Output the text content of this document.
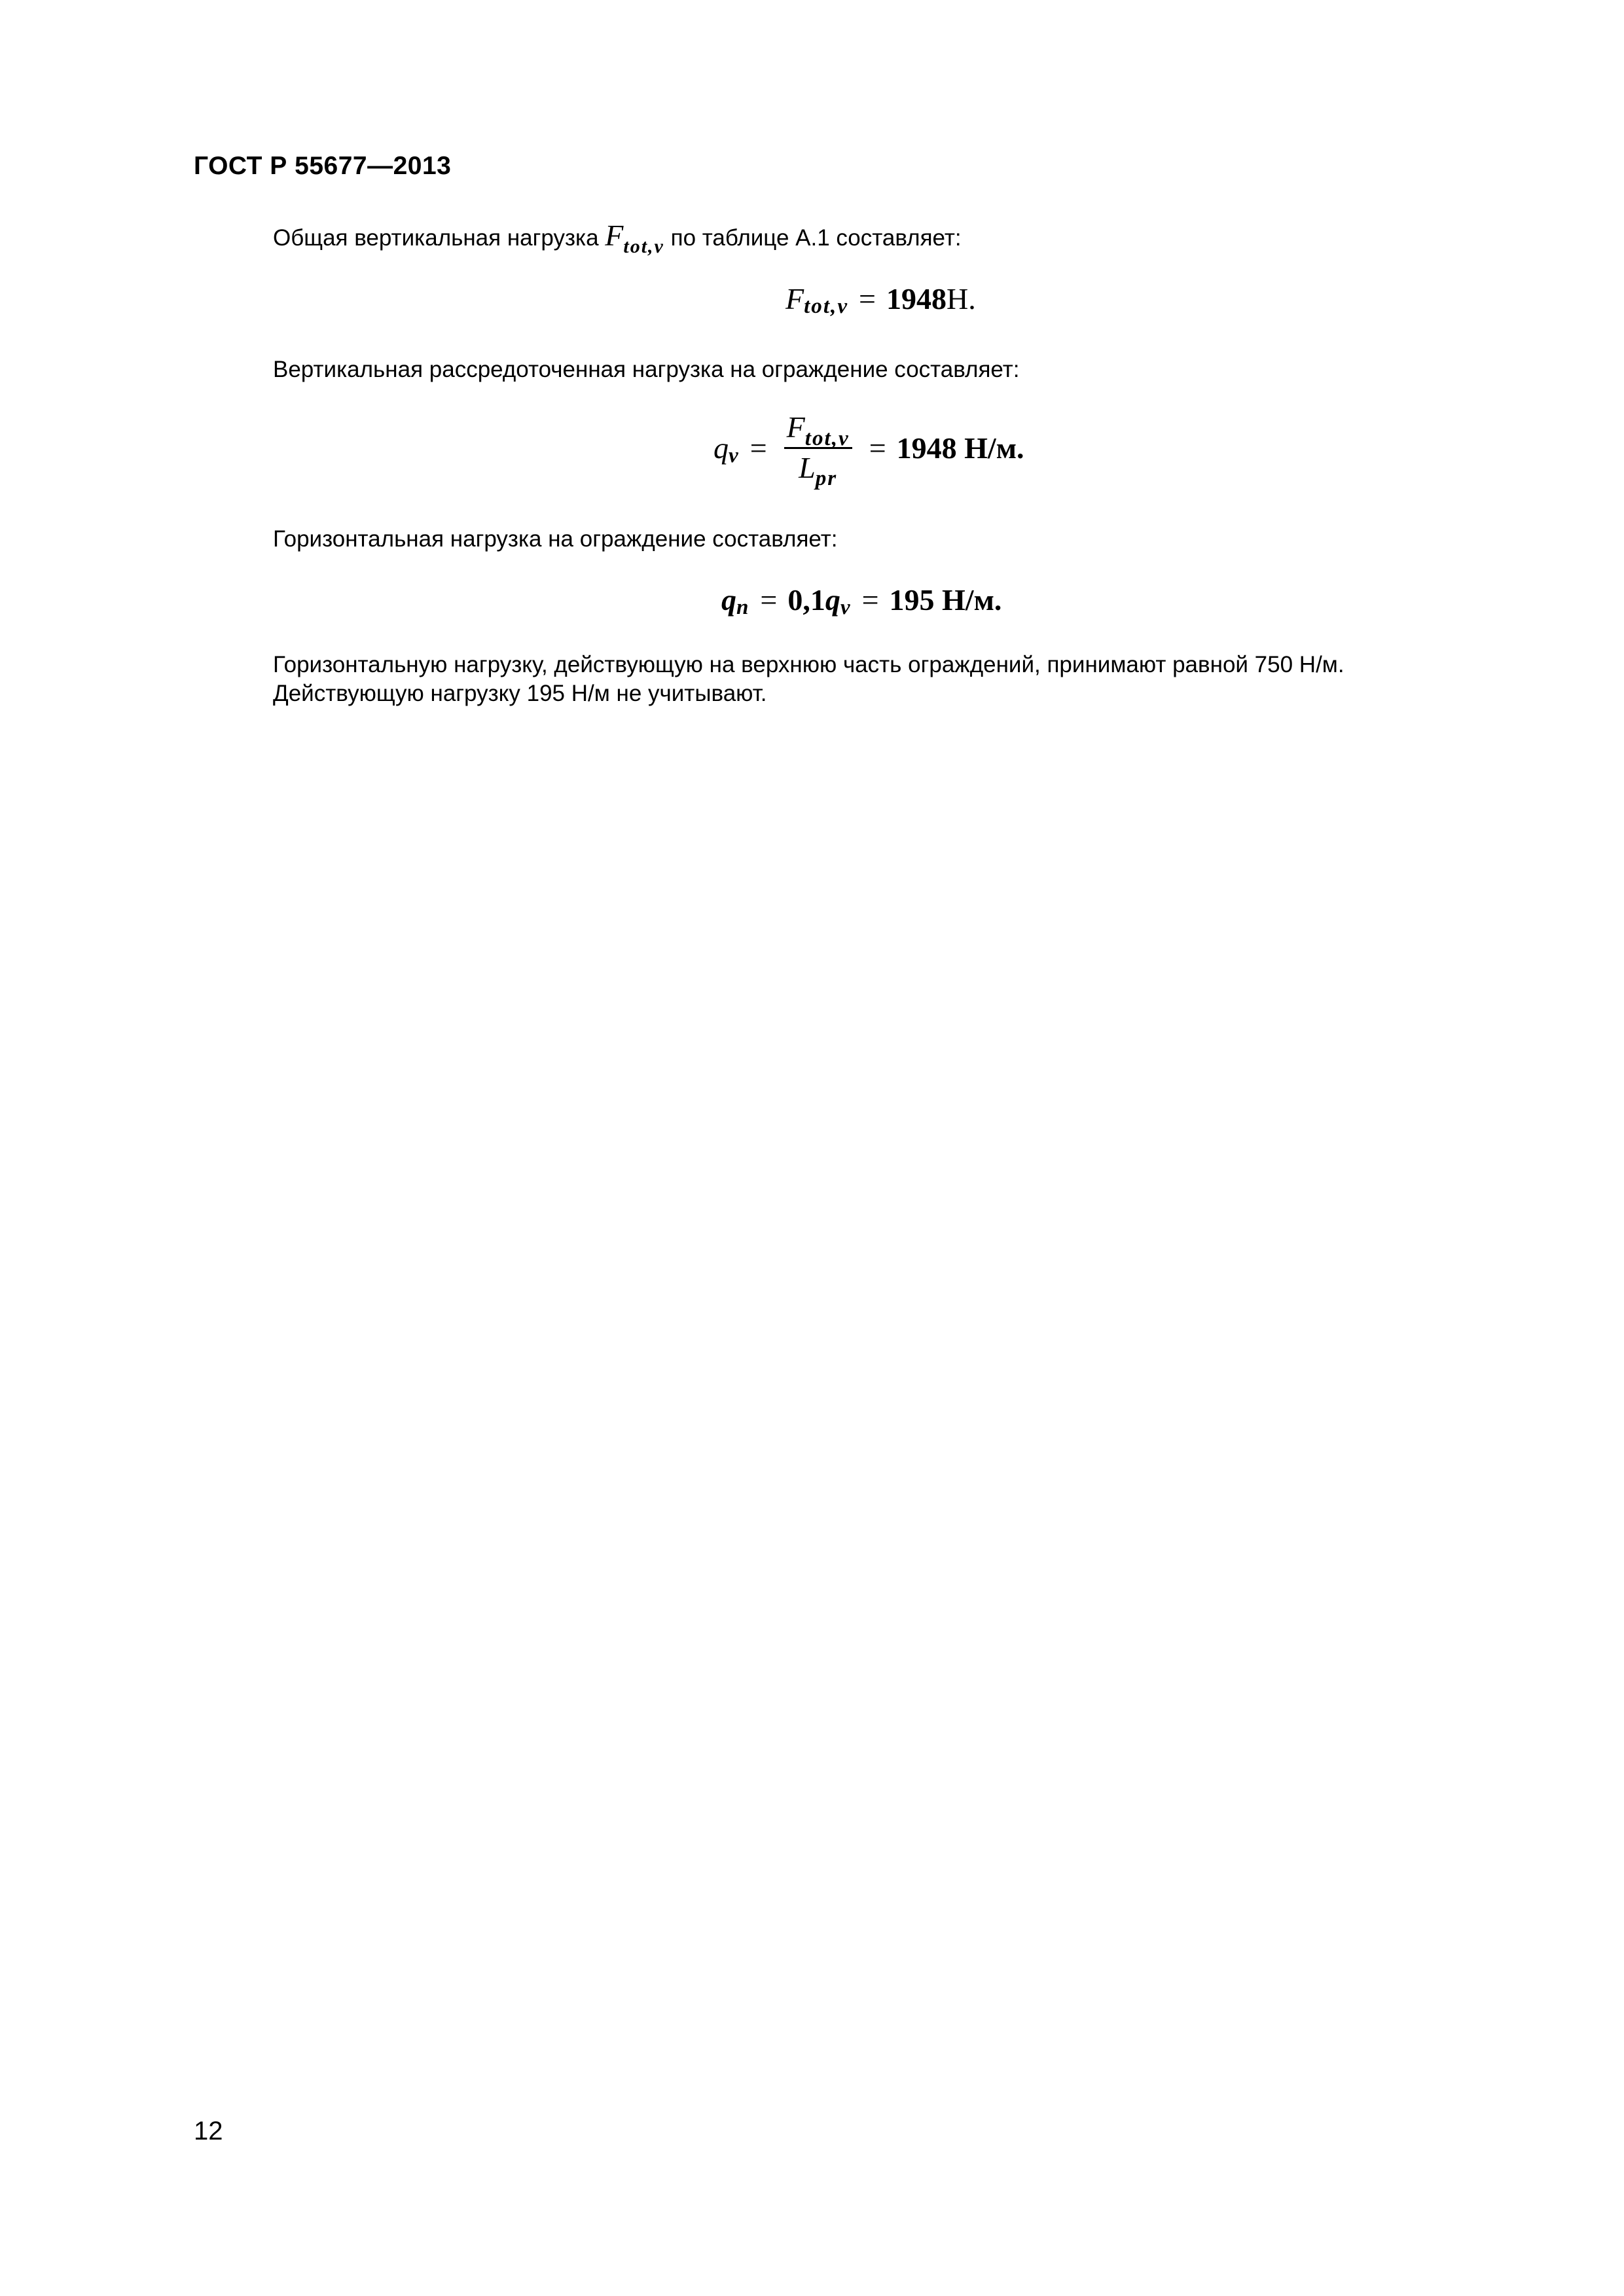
ГОСТ Р 55677—2013
Общая вертикальная нагрузка Ftot,v по таблице А.1 составляет:
F tot,v = 1948 Н.
Вертикальная рассредоточенная нагрузка на ограждение составляет:
q $v = \frac{F_{tot,v}}{L_{pr}} = 1948$
Н/м.
Горизонтальная нагрузка на ограждение составляет:
q n = 0,1 q v = 195
Н/м.
Горизонтальную нагрузку, действующую на верхнюю часть ограждений, принимают равной 750 Н/м.
Действующую нагрузку 195 Н/м не учитывают.
12
